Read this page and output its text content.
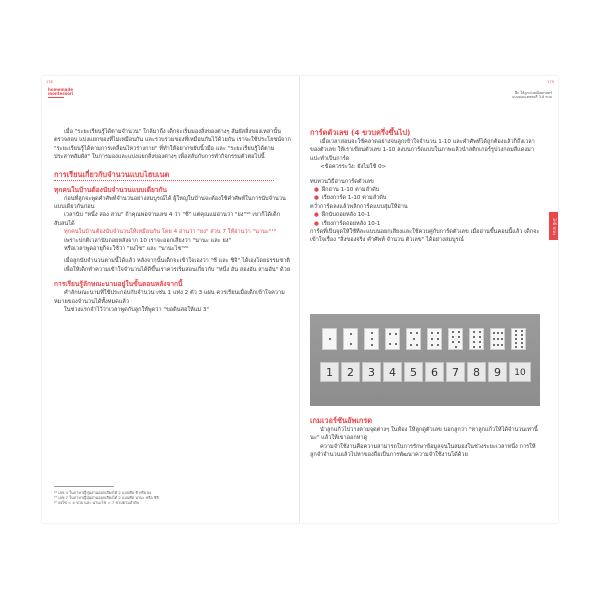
178
homemade
montessori

เมื่อ "ระยะเรียนรู้ได้ตามจำนวน" ใกล้มาถึง เด็กจะเริ่มมองสิ่งของต่างๆ สัมผัสสิ่งของเหล่านั้น ตรวจสอบ แบ่งแยกของที่ไม่เหมือนกัน และรวบรวมของที่เหมือนกันไว้ด้วยกัน เราจะใช้ประโยชน์จาก "ระยะเรียนรู้ได้ตามการเคลื่อนไหวร่างกาย" ที่ทำให้อยากขยับนิ้วมือ และ "ระยะเรียนรู้ได้ตามประสาทสัมผัส" ในการมองและแบ่งแยกสิ่งของต่างๆ เพื่อสลับกับการทำกิจกรรมตัวต่อไปนี้

การเรียนเกี่ยวกับจำนวนแบบไฮบเนต
ทุกคนในบ้านต้องนับจำนวนแบบเดียวกัน

ก่อนที่ลูกจะพูดคำศัพท์จำนวนอย่างสมบูรณ์ได้ ผู้ใหญ่ในบ้านจะต้องใช้คำศัพท์ในการนับจำนวนแบบเดียวกันก่อน

เวลานับ "หนึ่ง สอง สาม" ถ้าคุณพ่อจ่านเลข 4 ว่า "ชี" แต่คุณแม่อ่านว่า "ยง"¹⁸ เขาก็ได้เด็กสับสนได้

ทุกคนในบ้านต้องนับจำนวนให้เหมือนกัน โดย 4 อ่านว่า "ยง" ส่วน 7 ให้อ่านว่า "นานะ"¹⁹

เพราะปกติเวลานับถอยหลังจาก 10 เราจะออกเสียงว่า "นานะ และ ยง"

หรือเวลาพูดอายุก็จะใช้ว่า "ยงไซ" และ "นานะไซ"²⁰

เมื่อลูกนับจำนวนตามนี้ได้แล้ว หลังจากนั้นเด็กจะเข้าใจเองว่า "ชี และ ชิจิ" ได้เองโดยธรรมชาติ

เพื่อให้เด็กทำความเข้าใจจำนวนได้ดีขึ้นเราควรเริ่มสอนเกี่ยวกับ "หนึ่ง อัน สองอัน สามอัน" ด้วย

การเรียนรู้ลักษณะนามอยู่ในขั้นตอนหลังจากนี้

คำลักษณะนามที่ใช้ประกอบกับจำนวน เช่น 1 แท่ง 2 ตัว 3 แผ่น ควรเรียนเมื่อเด็กเข้าใจความหมายของจำนวนได้ทั้งหมดแล้ว

ในช่วงแรกจำไว้ว่าเวลาพูดกับลูกให้พูดว่า "ขอดินสอให้แม่ 3"

¹⁸ เลข 4 ในภาษาญี่ปุ่นอ่านออกเสียงได้ 2 แบบคือ ชิ หรือ ยง
¹⁹ เลข 7 ในภาษาญี่ปุ่นอ่านออกเสียงได้ 2 แบบคือ นานะ หรือ ชิจิ
²⁰ ยงไซ = 4 ขวบ และ นานะไซ = 7 ขวบตามลำดับ
179
ฝึก ให้ลูกเก่งคณิตศาสตร์
แบบมอนเตสซอรี่ 3-6 ขวบ
3-6 ขวบ
การ์ดตัวเลข (4 ขวบครึ่งขึ้นไป)

เมื่อเวลาสอนจะใช้คลาดอย่างจนลูกเข้าใจจำนวน 1-10 และคำศัพท์ได้ถูกต้องแล้วก็ถึงเวลาของตัวเลข ให้เราเขียนตัวเลข 1-10 ลงบนการ์ดแบบในภาพแล้วนำสติกเกอร์รูปวงกลมสีแดงมาแปะทำเป็นการ์ด

<ข้อควรระวัง: ยังไม่ใช้ 0>

ทบทวนวิธีอ่านการ์ดตัวเลข

● ฝึกอ่าน 1-10 ตามลำดับ
● เรียงการ์ด 1-10 ตามลำดับ

คว่ำการ์ดลงแล้วพลิกการ์ดแบบสุ่มให้อ่าน

● ฝึกนับถอยหลัง 10-1
● เรียงการ์ดถอยหลัง 10-1

การ์ดที่เป็นจุดให้ใช้ทีละแบบนอยกเสียงและใช้ควบคู่กับการ์ดตัวเลข เมื่ออ่านขึ้นคอนนี้แล้ว เด็กจะเข้าใจเรื่อง "สิ่งของจริง คำศัพท์ จำนวน ตัวเลข" ได้อย่างสมบูรณ์

1	2	3	4	5	6	7	8	9	10
เกมเวอร์ชันอัพเกรด

นำลูกแก้วไปวางตามจุดต่างๆ ในห้อง ให้ลูกดูตัวเลข บอกลูกว่า "หาลูกแก้วให้ได้จำนวนเท่านี้นะ" แล้วให้เขาออกหาดู

ความจำใช้งานคือความสามารถในการรักษาข้อมูลจนในสมองในช่วงระยะเวลาหนึ่ง การให้ลูกจำจำนวนแล้วไปหาของถือเป็นการพัฒนาความจำใช้งานได้ด้วย
